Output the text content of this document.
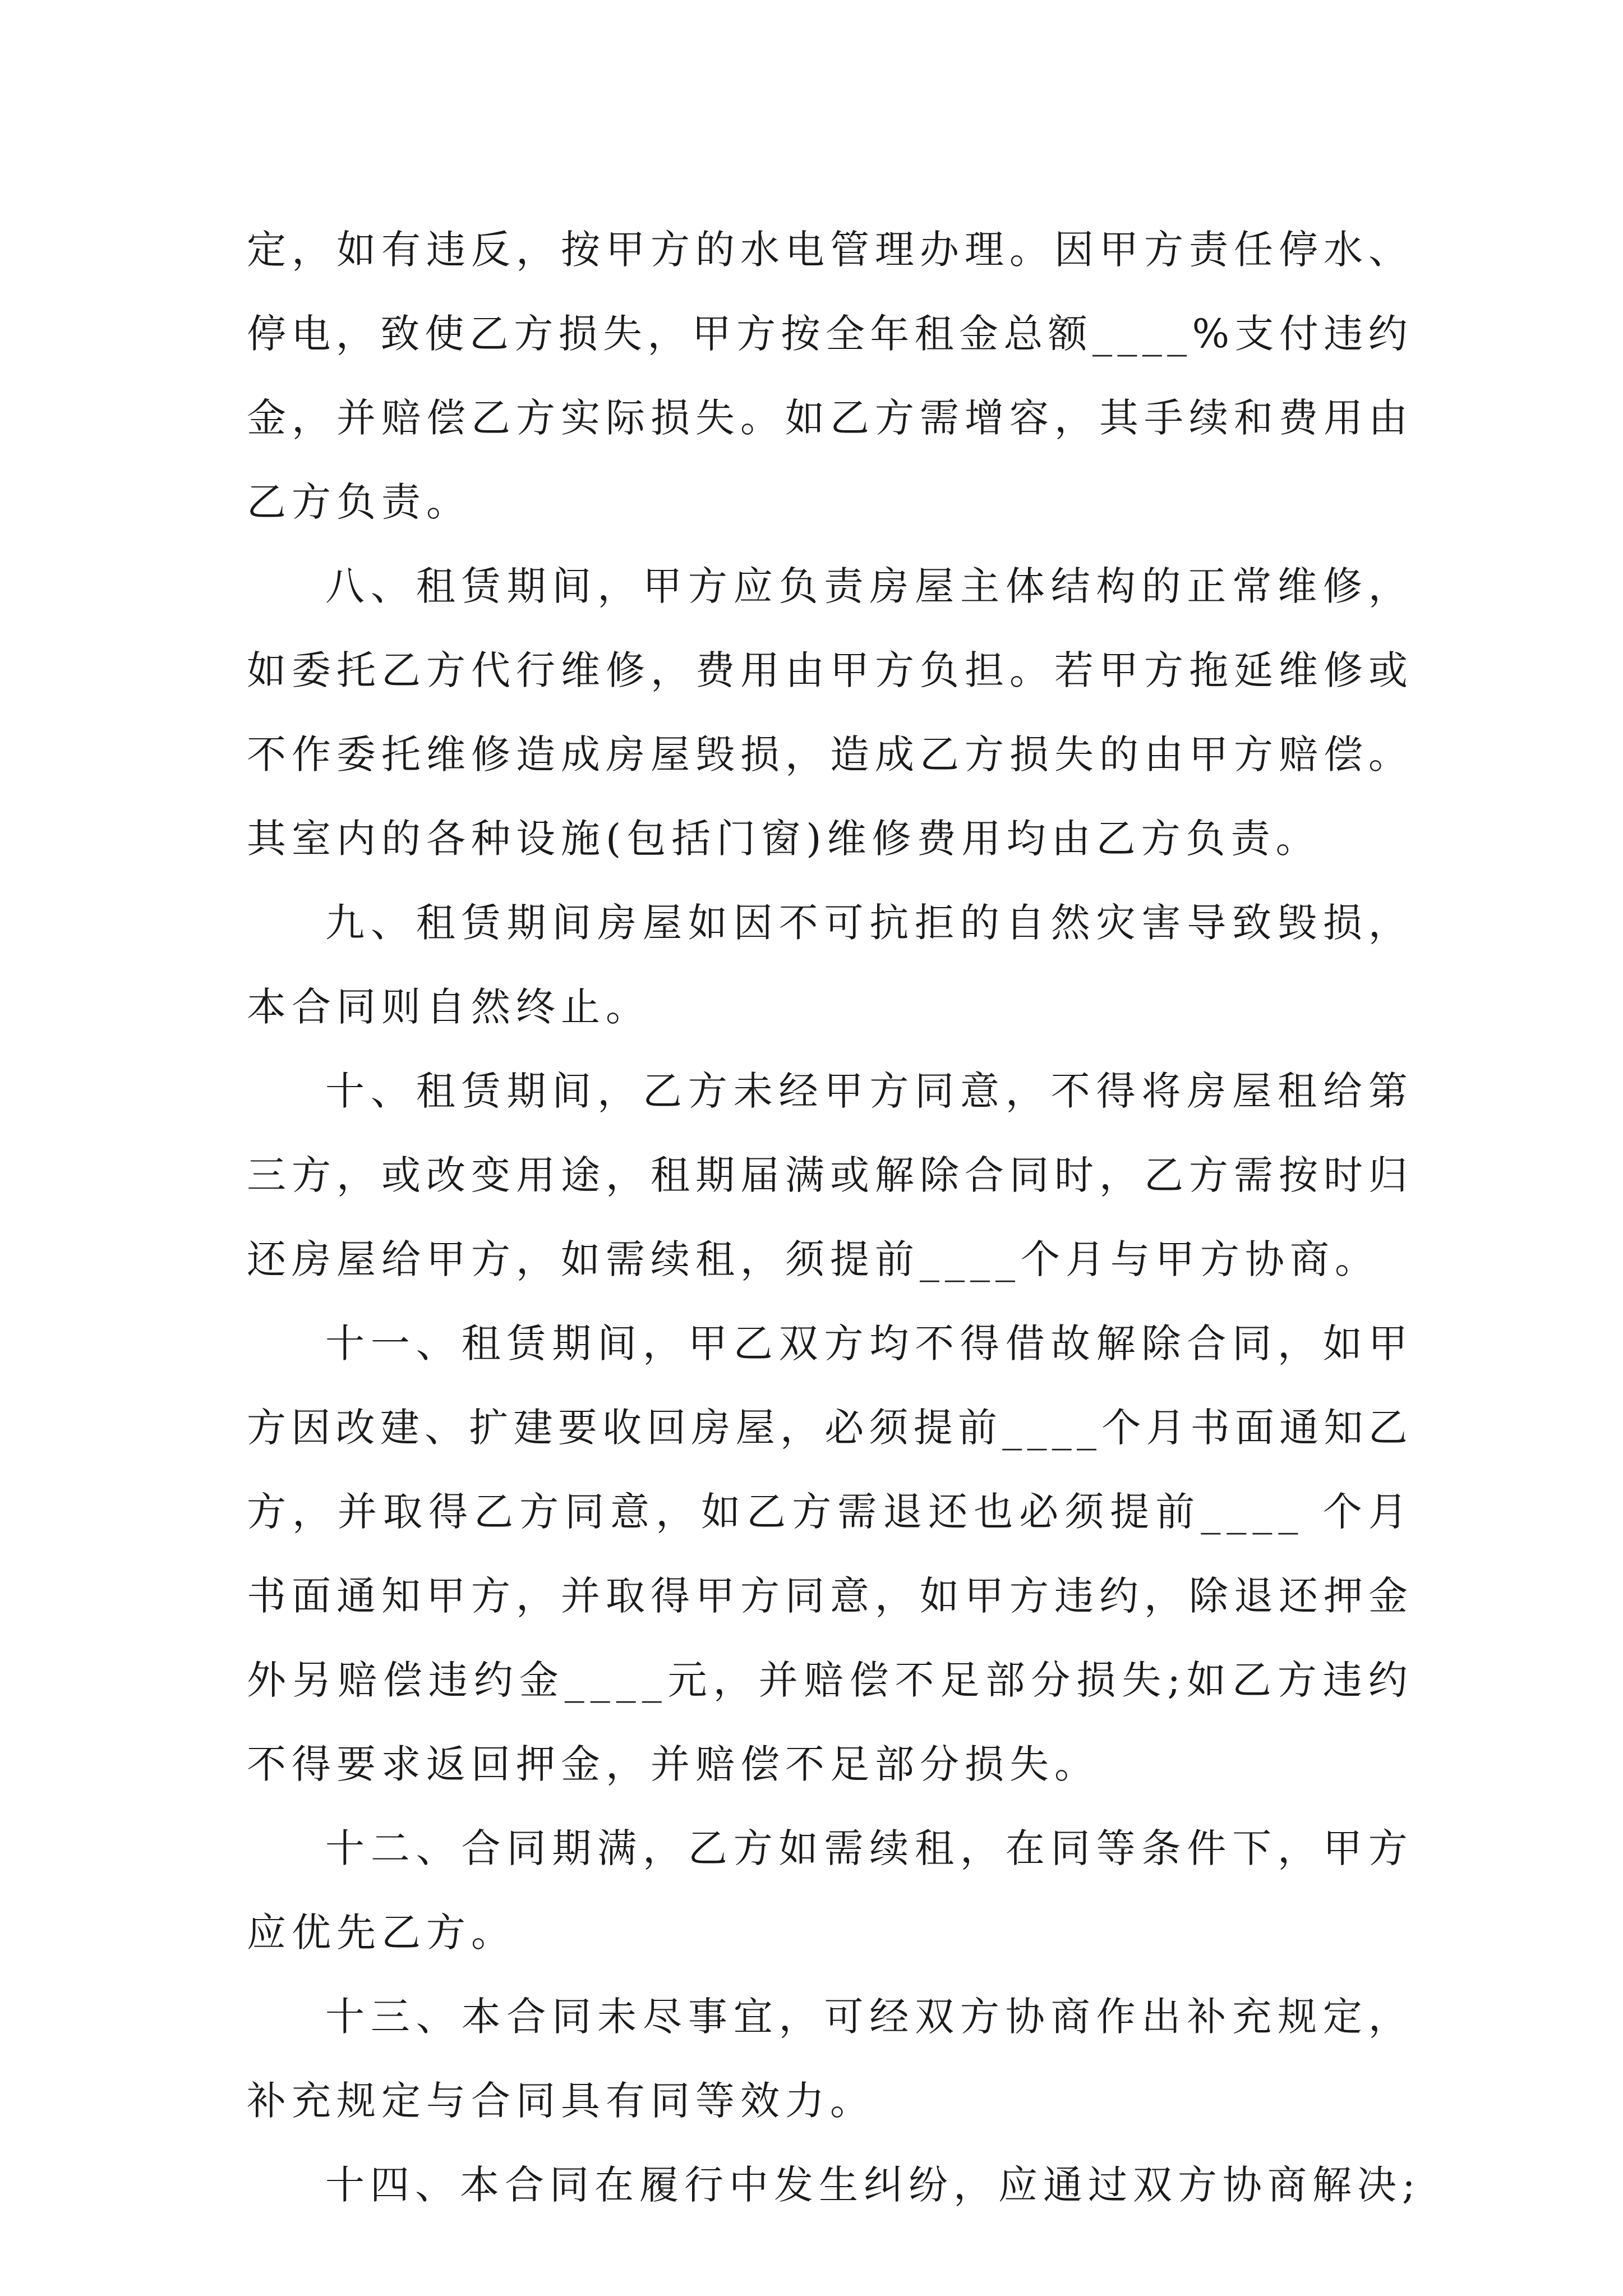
定 ， 如 有 违 反 ， 按 甲 方 的 水 电 管 理 办 理 。 因 甲 方 责 任 停 水 、
停 电 ， 致 使 乙 方 损 失 ， 甲 方 按 全 年 租 金 总 额 _ _ _ _ % 支 付 违 约
金 ， 并 赔 偿 乙 方 实 际 损 失 。 如 乙 方 需 增 容 ， 其 手 续 和 费 用 由
乙方负责。
八 、 租 赁 期 间 ， 甲 方 应 负 责 房 屋 主 体 结 构 的 正 常 维 修 ，
如 委 托 乙 方 代 行 维 修 ， 费 用 由 甲 方 负 担 。 若 甲 方 拖 延 维 修 或
不 作 委 托 维 修 造 成 房 屋 毁 损 ， 造 成 乙 方 损 失 的 由 甲 方 赔 偿 。
其室内的各种设施(包括门窗)维修费用均由乙方负责。
九 、 租 赁 期 间 房 屋 如 因 不 可 抗 拒 的 自 然 灾 害 导 致 毁 损 ，
本合同则自然终止。
十 、 租 赁 期 间 ， 乙 方 未 经 甲 方 同 意 ， 不 得 将 房 屋 租 给 第
三 方 ， 或 改 变 用 途 ， 租 期 届 满 或 解 除 合 同 时 ， 乙 方 需 按 时 归
还房屋给甲方，如需续租，须提前____个月与甲方协商。
十 一 、 租 赁 期 间 ， 甲 乙 双 方 均 不 得 借 故 解 除 合 同 ， 如 甲
方 因 改 建 、 扩 建 要 收 回 房 屋 ， 必 须 提 前 _ _ _ _ 个 月 书 面 通 知 乙
方 ， 并 取 得 乙 方 同 意 ， 如 乙 方 需 退 还 也 必 须 提 前 _ _ _ _
个 月
书 面 通 知 甲 方 ， 并 取 得 甲 方 同 意 ， 如 甲 方 违 约 ， 除 退 还 押 金
外 另 赔 偿 违 约 金 _ _ _ _ 元 ， 并 赔 偿 不 足 部 分 损 失 ; 如 乙 方 违 约
不得要求返回押金，并赔偿不足部分损失。
十 二 、 合 同 期 满 ， 乙 方 如 需 续 租 ， 在 同 等 条 件 下 ， 甲 方
应优先乙方。
十 三 、 本 合 同 未 尽 事 宜 ， 可 经 双 方 协 商 作 出 补 充 规 定 ，
补充规定与合同具有同等效力。
十四、本合同在履行中发生纠纷，应通过双方协商解决;
